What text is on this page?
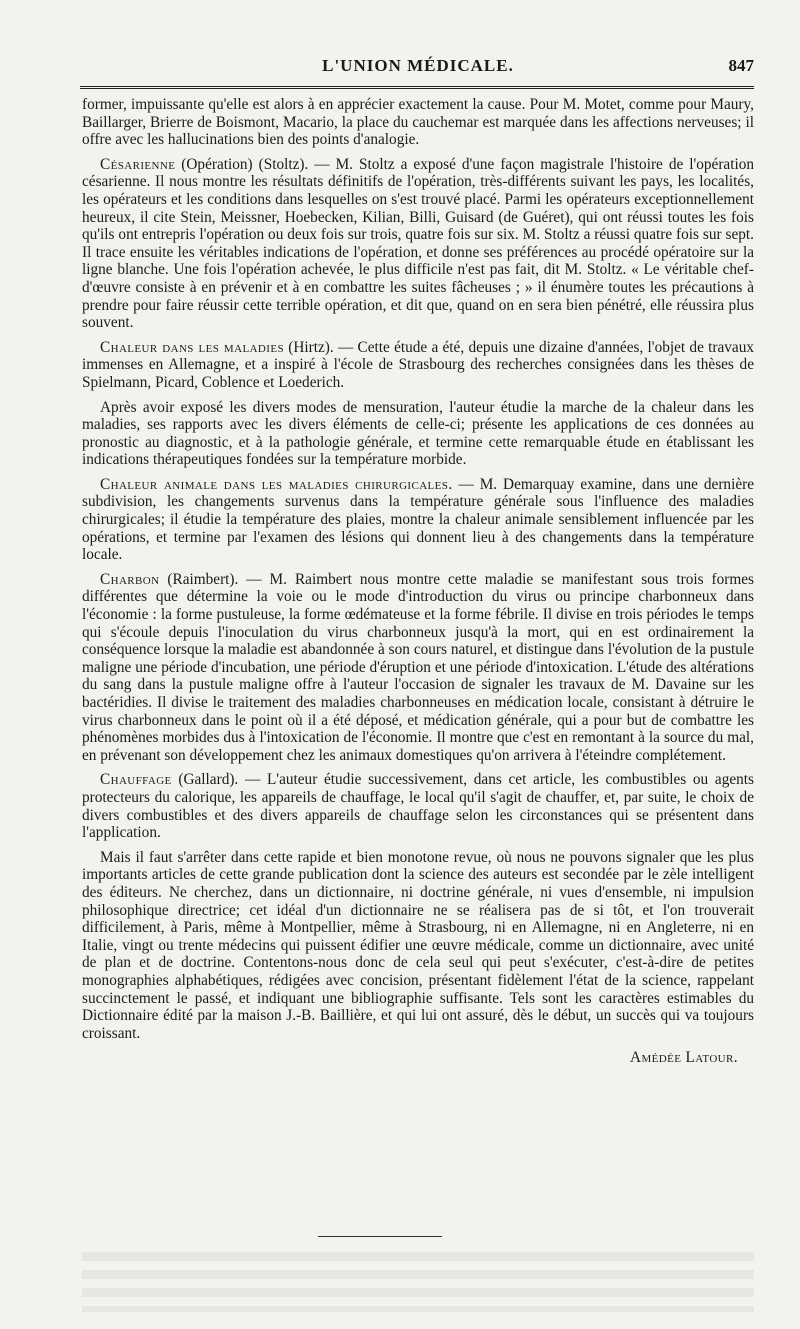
L'UNION MÉDICALE.	847

former, impuissante qu'elle est alors à en apprécier exactement la cause. Pour M. Motet, comme pour Maury, Baillarger, Brierre de Boismont, Macario, la place du cauchemar est marquée dans les affections nerveuses; il offre avec les hallucinations bien des points d'analogie.

Césarienne (Opération) (Stoltz). — M. Stoltz a exposé d'une façon magistrale l'histoire de l'opération césarienne. Il nous montre les résultats définitifs de l'opération, très-différents suivant les pays, les localités, les opérateurs et les conditions dans lesquelles on s'est trouvé placé. Parmi les opérateurs exceptionnellement heureux, il cite Stein, Meissner, Hoebecken, Kilian, Billi, Guisard (de Guéret), qui ont réussi toutes les fois qu'ils ont entrepris l'opération ou deux fois sur trois, quatre fois sur six. M. Stoltz a réussi quatre fois sur sept. Il trace ensuite les véritables indications de l'opération, et donne ses préférences au procédé opératoire sur la ligne blanche. Une fois l'opération achevée, le plus difficile n'est pas fait, dit M. Stoltz. « Le véritable chef-d'œuvre consiste à en prévenir et à en combattre les suites fâcheuses ; » il énumère toutes les précautions à prendre pour faire réussir cette terrible opération, et dit que, quand on en sera bien pénétré, elle réussira plus souvent.

Chaleur dans les maladies (Hirtz). — Cette étude a été, depuis une dizaine d'années, l'objet de travaux immenses en Allemagne, et a inspiré à l'école de Strasbourg des recherches consignées dans les thèses de Spielmann, Picard, Coblence et Loederich.

Après avoir exposé les divers modes de mensuration, l'auteur étudie la marche de la chaleur dans les maladies, ses rapports avec les divers éléments de celle-ci; présente les applications de ces données au pronostic au diagnostic, et à la pathologie générale, et termine cette remarquable étude en établissant les indications thérapeutiques fondées sur la température morbide.

Chaleur animale dans les maladies chirurgicales. — M. Demarquay examine, dans une dernière subdivision, les changements survenus dans la température générale sous l'influence des maladies chirurgicales; il étudie la température des plaies, montre la chaleur animale sensiblement influencée par les opérations, et termine par l'examen des lésions qui donnent lieu à des changements dans la température locale.

Charbon (Raimbert). — M. Raimbert nous montre cette maladie se manifestant sous trois formes différentes que détermine la voie ou le mode d'introduction du virus ou principe charbonneux dans l'économie : la forme pustuleuse, la forme œdémateuse et la forme fébrile. Il divise en trois périodes le temps qui s'écoule depuis l'inoculation du virus charbonneux jusqu'à la mort, qui en est ordinairement la conséquence lorsque la maladie est abandonnée à son cours naturel, et distingue dans l'évolution de la pustule maligne une période d'incubation, une période d'éruption et une période d'intoxication. L'étude des altérations du sang dans la pustule maligne offre à l'auteur l'occasion de signaler les travaux de M. Davaine sur les bactéridies. Il divise le traitement des maladies charbonneuses en médication locale, consistant à détruire le virus charbonneux dans le point où il a été déposé, et médication générale, qui a pour but de combattre les phénomènes morbides dus à l'intoxication de l'économie. Il montre que c'est en remontant à la source du mal, en prévenant son développement chez les animaux domestiques qu'on arrivera à l'éteindre complétement.

Chauffage (Gallard). — L'auteur étudie successivement, dans cet article, les combustibles ou agents protecteurs du calorique, les appareils de chauffage, le local qu'il s'agit de chauffer, et, par suite, le choix de divers combustibles et des divers appareils de chauffage selon les circonstances qui se présentent dans l'application.

Mais il faut s'arrêter dans cette rapide et bien monotone revue, où nous ne pouvons signaler que les plus importants articles de cette grande publication dont la science des auteurs est secondée par le zèle intelligent des éditeurs. Ne cherchez, dans un dictionnaire, ni doctrine générale, ni vues d'ensemble, ni impulsion philosophique directrice; cet idéal d'un dictionnaire ne se réalisera pas de si tôt, et l'on trouverait difficilement, à Paris, même à Montpellier, même à Strasbourg, ni en Allemagne, ni en Angleterre, ni en Italie, vingt ou trente médecins qui puissent édifier une œuvre médicale, comme un dictionnaire, avec unité de plan et de doctrine. Contentons-nous donc de cela seul qui peut s'exécuter, c'est-à-dire de petites monographies alphabétiques, rédigées avec concision, présentant fidèlement l'état de la science, rappelant succinctement le passé, et indiquant une bibliographie suffisante. Tels sont les caractères estimables du Dictionnaire édité par la maison J.-B. Baillière, et qui lui ont assuré, dès le début, un succès qui va toujours croissant.

Amédée Latour.
